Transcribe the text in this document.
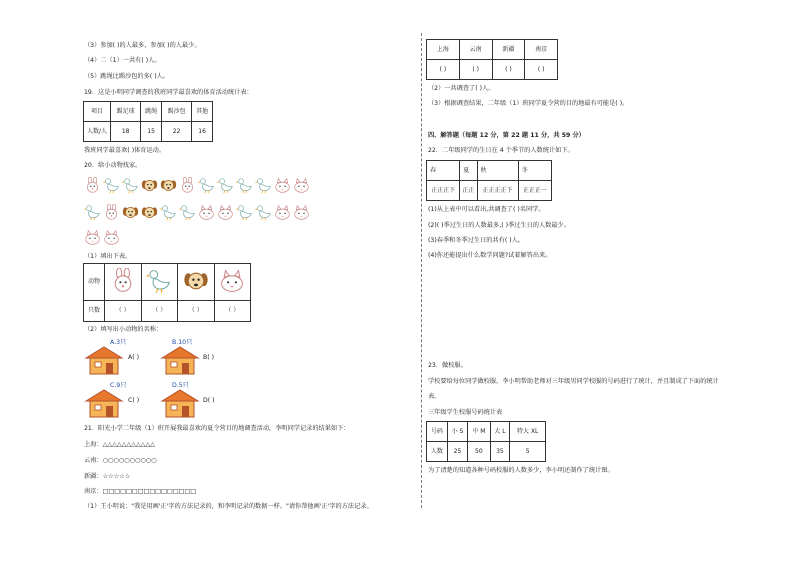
（3）参加( )的人最多，参加( )的人最少。
（4）二（1）一共有( )人。
（5）跳绳比踢沙包的多( )人。
19．这是小明同学调查的我班同学最喜欢的体育活动统计表：
项目	踢足球	跳绳	踢沙包	其他
人数/人	18	15	22	16
我班同学最喜欢( )体育运动。
20．给小动物找家。

（1）填出下表。
动物				
只数	（ ）	（ ）	（ ）	（ ）
（2）填写出小动物的名称：
A.3只
A( )
B.10只
B( )
C.9只
C( )
D.5只
D( )
21．阳光小学二年级（1）班开展我最喜欢的夏令营目的地调查活动，李明同学记录的结果如下：
上海：△△△△△△△△△△△
云南：○○○○○○○○○○
新疆：☆☆☆☆☆
南京：□□□□□□□□□□□□□□□□
（1）王小明说："我是用画'正'字的方法记录的，和李明记录的数据一样。"请你帮他画'正'字的方法记录。
上海	云南	新疆	南京
( )	( )	( )	( )
（2）一共调查了( )人。
（3）根据调查结果，二年级（1）班同学夏令营的目的地最有可能是( )。
四、解答题（每题 12 分，第 22 题 11 分，共 59 分）
22．二年级同学的生日在 4 个季节的人数统计如下。
春	夏	秋	冬
正正正下	正正	正正正正下	正正正一
(1)从上表中可以看出,共调查了( )名同学。
(2)( )季过生日的人数最多,( )季过生日的人数最少。
(3)春季和冬季过生日的共有( )人。
(4)你还能提出什么数学问题?试着解答出来。
23．做校服。
学校要给每位同学做校服，李小明帮助老师对三年级男同学校服的号码进行了统计，并且制成了下面的统计
表。
三年级学生校服号码统计表
号码	小 S	中 M	大 L	特大 XL
人数	25	50	35	5
为了清楚的知道各种号码校服的人数多少，李小明还制作了统计图。
